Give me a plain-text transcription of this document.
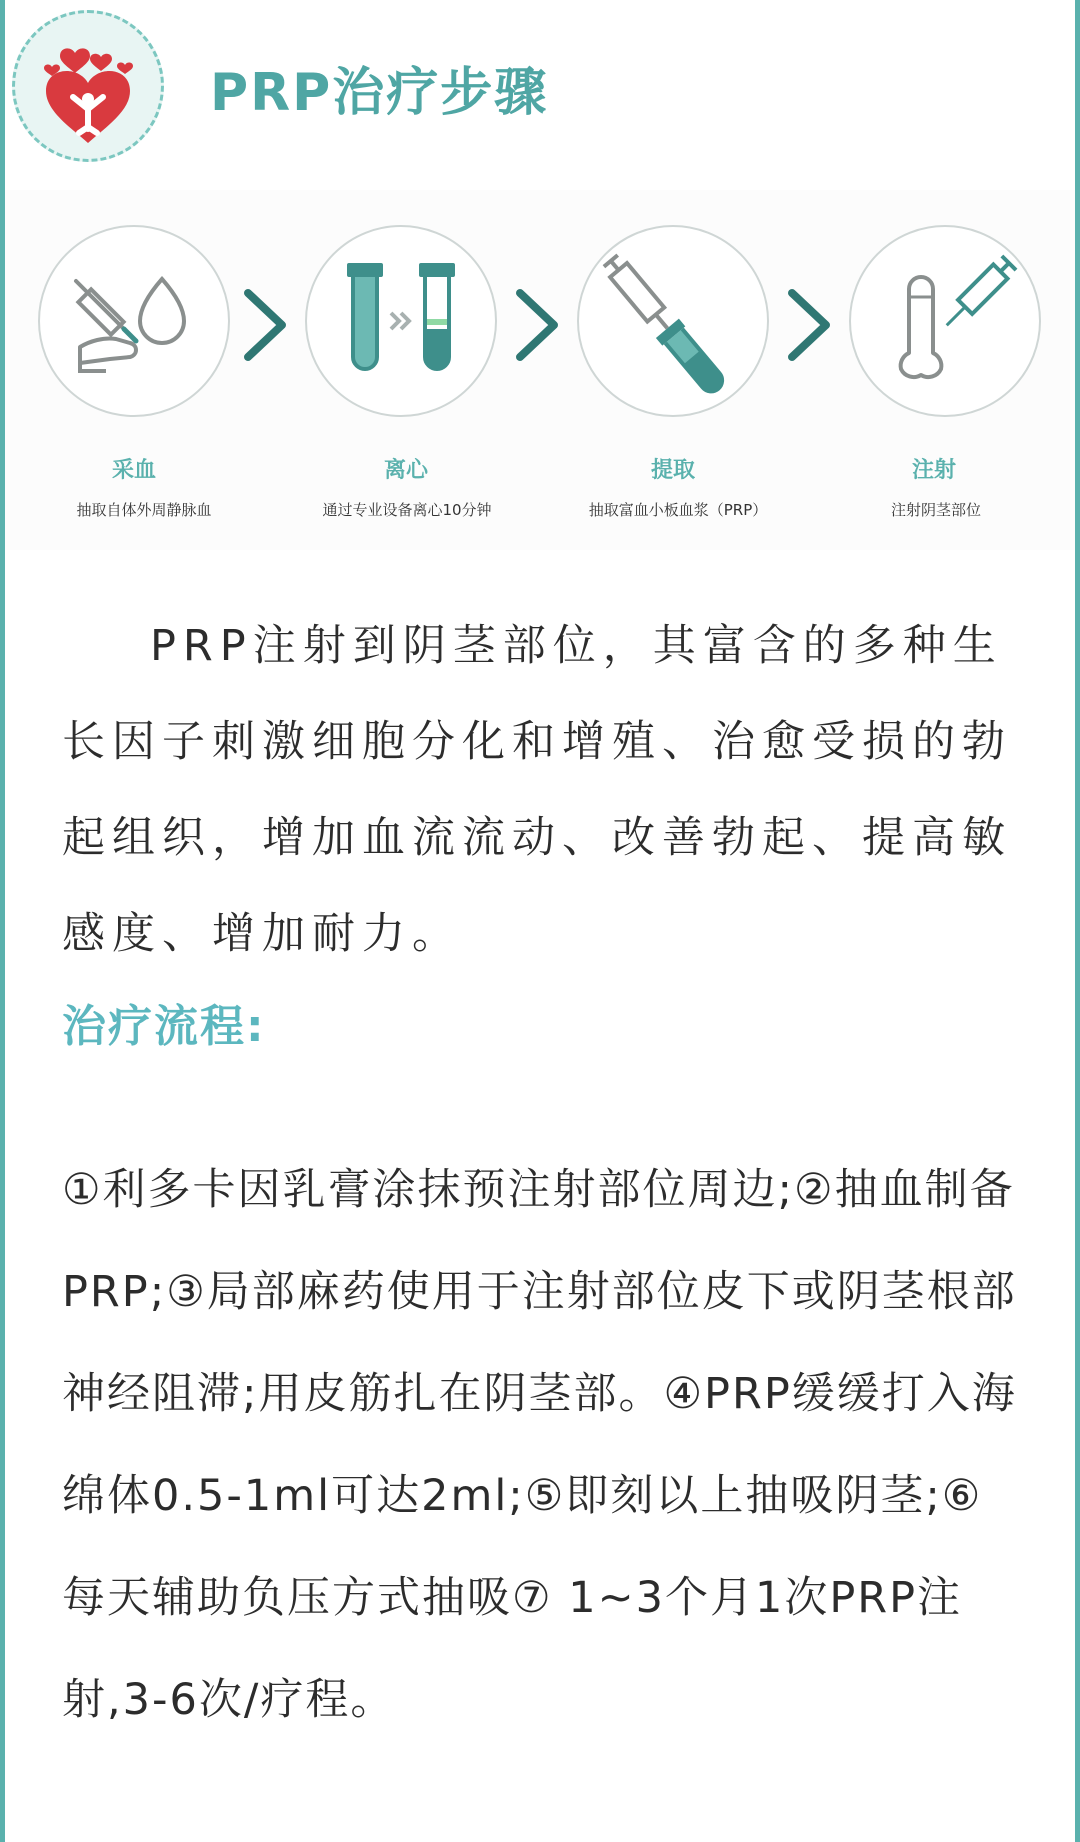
PRP治疗步骤
采血	离心	提取	注射
抽取自体外周静脉血	通过专业设备离心10分钟	抽取富血小板血浆（PRP）	注射阴茎部位

PRP注射到阴茎部位，其富含的多种生长因子刺激细胞分化和增殖、治愈受损的勃起组织，增加血流流动、改善勃起、提高敏感度、增加耐力。

治疗流程:

①利多卡因乳膏涂抹预注射部位周边;②抽血制备PRP;③局部麻药使用于注射部位皮下或阴茎根部神经阻滞;用皮筋扎在阴茎部。④PRP缓缓打入海绵体0.5-1ml可达2ml;⑤即刻以上抽吸阴茎;⑥每天辅助负压方式抽吸⑦ 1~3个月1次PRP注射,3-6次/疗程。
